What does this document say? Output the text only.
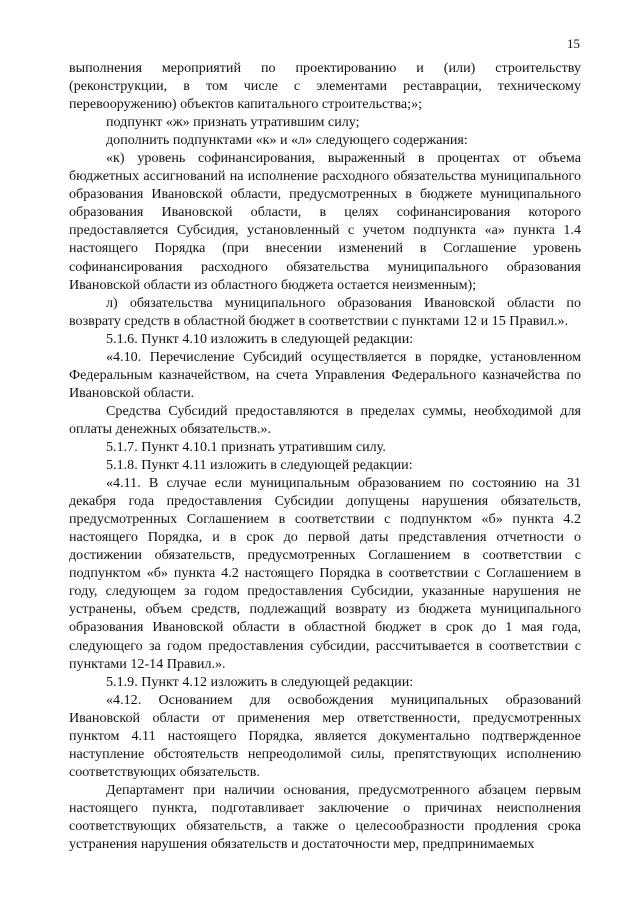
15

выполнения мероприятий по проектированию и (или) строительству (реконструкции, в том числе с элементами реставрации, техническому перевооружению) объектов капитального строительства;»;

подпункт «ж» признать утратившим силу;

дополнить подпунктами «к» и «л» следующего содержания:

«к) уровень софинансирования, выраженный в процентах от объема бюджетных ассигнований на исполнение расходного обязательства муниципального образования Ивановской области, предусмотренных в бюджете муниципального образования Ивановской области, в целях софинансирования которого предоставляется Субсидия, установленный с учетом подпункта «а» пункта 1.4 настоящего Порядка (при внесении изменений в Соглашение уровень софинансирования расходного обязательства муниципального образования Ивановской области из областного бюджета остается неизменным);

л) обязательства муниципального образования Ивановской области по возврату средств в областной бюджет в соответствии с пунктами 12 и 15 Правил.».

5.1.6. Пункт 4.10 изложить в следующей редакции:

«4.10. Перечисление Субсидий осуществляется в порядке, установленном Федеральным казначейством, на счета Управления Федерального казначейства по Ивановской области.

Средства Субсидий предоставляются в пределах суммы, необходимой для оплаты денежных обязательств.».

5.1.7. Пункт 4.10.1 признать утратившим силу.

5.1.8. Пункт 4.11 изложить в следующей редакции:

«4.11. В случае если муниципальным образованием по состоянию на 31 декабря года предоставления Субсидии допущены нарушения обязательств, предусмотренных Соглашением в соответствии с подпунктом «б» пункта 4.2 настоящего Порядка, и в срок до первой даты представления отчетности о достижении обязательств, предусмотренных Соглашением в соответствии с подпунктом «б» пункта 4.2 настоящего Порядка в соответствии с Соглашением в году, следующем за годом предоставления Субсидии, указанные нарушения не устранены, объем средств, подлежащий возврату из бюджета муниципального образования Ивановской области в областной бюджет в срок до 1 мая года, следующего за годом предоставления субсидии, рассчитывается в соответствии с пунктами 12-14 Правил.».

5.1.9. Пункт 4.12 изложить в следующей редакции:

«4.12. Основанием для освобождения муниципальных образований Ивановской области от применения мер ответственности, предусмотренных пунктом 4.11 настоящего Порядка, является документально подтвержденное наступление обстоятельств непреодолимой силы, препятствующих исполнению соответствующих обязательств.

Департамент при наличии основания, предусмотренного абзацем первым настоящего пункта, подготавливает заключение о причинах неисполнения соответствующих обязательств, а также о целесообразности продления срока устранения нарушения обязательств и достаточности мер, предпринимаемых
